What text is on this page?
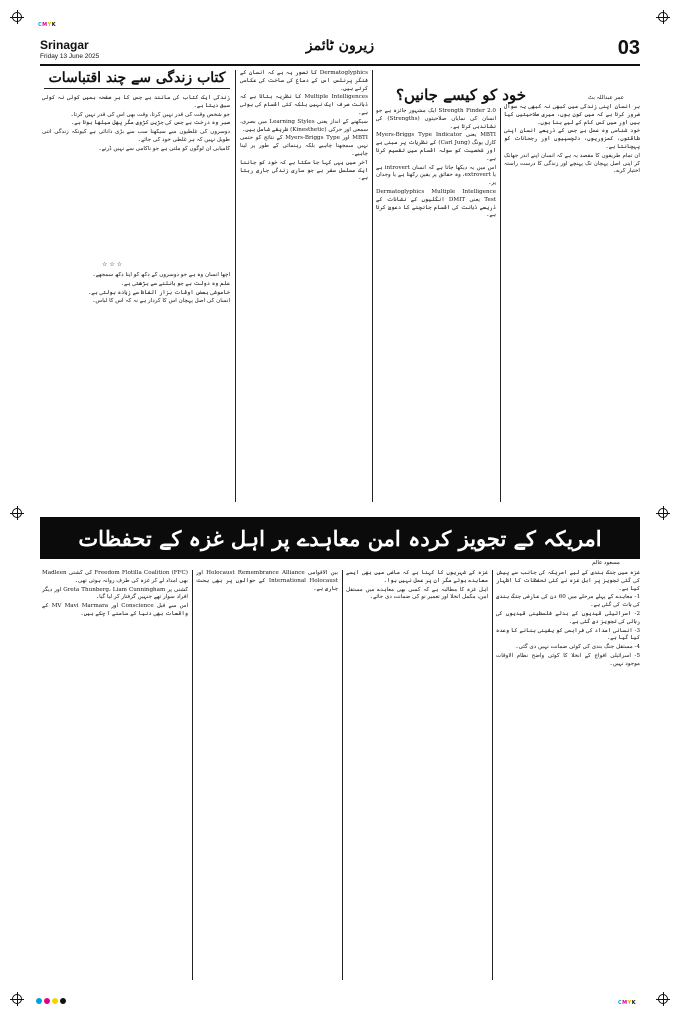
CMYK
CMYK
Srinagar
Friday 13 June 2025
زیرون ٹائمز	03
کتاب زندگی سے چند اقتباسات

زندگی ایک کتاب کی مانند ہے جس کا ہر صفحہ ہمیں کوئی نہ کوئی سبق دیتا ہے۔

جو شخص وقت کی قدر نہیں کرتا، وقت بھی اس کی قدر نہیں کرتا۔

صبر وہ درخت ہے جس کی جڑیں کڑوی مگر پھل میٹھا ہوتا ہے۔

دوسروں کی غلطیوں سے سیکھنا سب سے بڑی دانائی ہے کیونکہ زندگی اتنی طویل نہیں کہ ہر غلطی خود کی جائے۔

کامیابی ان لوگوں کو ملتی ہے جو ناکامی سے نہیں ڈرتے۔

☆☆☆

اچھا انسان وہ ہے جو دوسروں کے دکھ کو اپنا دکھ سمجھے۔

علم وہ دولت ہے جو بانٹنے سے بڑھتی ہے۔

خاموشی بعض اوقات ہزار الفاظ سے زیادہ بولتی ہے۔

انسان کی اصل پہچان اس کا کردار ہے نہ کہ اس کا لباس۔

Dermatoglyphics کا تصور یہ ہے کہ انسان کے فنگر پرنٹس اس کے دماغ کی ساخت کی عکاسی کرتے ہیں۔

Multiple Intelligences کا نظریہ بتاتا ہے کہ ذہانت صرف ایک نہیں بلکہ کئی اقسام کی ہوتی ہے۔

سیکھنے کے انداز یعنی Learning Styles میں بصری، سمعی اور حرکی (Kinesthetic) طریقے شامل ہیں۔

MBTI اور Myers-Briggs Type کے نتائج کو حتمی نہیں سمجھنا چاہیے بلکہ رہنمائی کے طور پر لینا چاہیے۔

آخر میں یہی کہا جا سکتا ہے کہ خود کو جاننا ایک مسلسل سفر ہے جو ساری زندگی جاری رہتا ہے۔

خود کو کیسے جانیں؟	عمر عبداللہ بٹ

Strength Finder 2.0 ایک مشہور جائزہ ہے جو انسان کی نمایاں صلاحیتوں (Strengths) کی نشاندہی کرتا ہے۔

MBTI یعنی Myers-Briggs Type Indicator کارل یونگ (Carl Jung) کے نظریات پر مبنی ہے اور شخصیت کو سولہ اقسام میں تقسیم کرتا ہے۔

اس میں یہ دیکھا جاتا ہے کہ انسان introvert ہے یا extrovert، وہ حقائق پر یقین رکھتا ہے یا وجدان پر۔

Dermatoglyphics Multiple Intelligence Test یعنی DMIT انگلیوں کے نشانات کے ذریعے ذہانت کی اقسام جانچنے کا دعویٰ کرتا ہے۔

ہر انسان اپنی زندگی میں کبھی نہ کبھی یہ سوال ضرور کرتا ہے کہ میں کون ہوں، میری صلاحیتیں کیا ہیں اور میں کس کام کے لیے بنا ہوں۔

خود شناسی وہ عمل ہے جس کے ذریعے انسان اپنی طاقتوں، کمزوریوں، دلچسپیوں اور رجحانات کو پہچانتا ہے۔

ان تمام طریقوں کا مقصد یہ ہے کہ انسان اپنے اندر جھانک کر اپنی اصل پہچان تک پہنچے اور زندگی کا درست راستہ اختیار کرے۔

امریکہ کے تجویز کردہ امن معاہدے پر اہل غزہ کے تحفظات
مسعود عالم

غزہ میں جنگ بندی کے لیے امریکہ کی جانب سے پیش کی گئی تجویز پر اہل غزہ نے کئی تحفظات کا اظہار کیا ہے۔

1- معاہدے کے پہلے مرحلے میں 60 دن کی عارضی جنگ بندی کی بات کی گئی ہے۔

2- اسرائیلی قیدیوں کے بدلے فلسطینی قیدیوں کی رہائی کی تجویز دی گئی ہے۔

3- انسانی امداد کی فراہمی کو یقینی بنانے کا وعدہ کیا گیا ہے۔

4- مستقل جنگ بندی کی کوئی ضمانت نہیں دی گئی۔

5- اسرائیلی افواج کے انخلا کا کوئی واضح نظام الاوقات موجود نہیں۔

غزہ کے شہریوں کا کہنا ہے کہ ماضی میں بھی ایسے معاہدے ہوئے مگر ان پر عمل نہیں ہوا۔

اہل غزہ کا مطالبہ ہے کہ کسی بھی معاہدے میں مستقل امن، مکمل انخلا اور تعمیر نو کی ضمانت دی جائے۔

بین الاقوامی Holocaust Remembrance Alliance اور International Holocaust کے حوالوں پر بھی بحث جاری ہے۔

Freedom Flotilla Coalition (FFC) کی کشتی Madleen بھی امداد لے کر غزہ کی طرف روانہ ہوئی تھی۔

کشتی پر Greta Thunberg، Liam Cunningham اور دیگر افراد سوار تھے جنہیں گرفتار کر لیا گیا۔

اس سے قبل Conscience اور MV Mavi Marmara کے واقعات بھی دنیا کے سامنے آ چکے ہیں۔
